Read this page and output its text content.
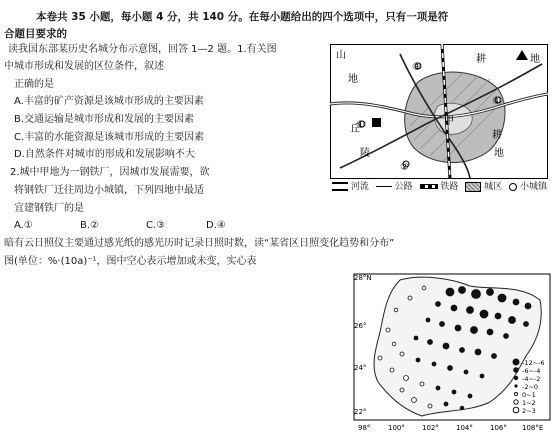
本卷共 35 小题，每小题 4 分，共 140 分。在每小题给出的四个选项中，只有一项是符
合题目要求的
读我国东部某历史名城分布示意图，回答 1—2 题。1.有关图
中城市形成和发展的区位条件，叙述
正确的是
A.丰富的矿产资源是该城市形成的主要因素
B.交通运输是城市形成和发展的主要因素
C.丰富的水能资源是该城市形成的主要因素
D.自然条件对城市的形成和发展影响不大
2.城中甲地为一钢铁厂，因城市发展需要，欲
将钢铁厂迁往周边小城镇，下列四地中最适
宜建钢铁厂的是
A.①	B.②	C.③	D.④
暗有云日照仪主要通过感光纸的感光历时记录日照时数，读“某省区日照变化趋势和分布”
图(单位：%·(10a)⁻¹，图中空心表示增加或未变，实心表
山
地
耕	地
丘
陵
甲
耕
地
①
②
③
④
河流	公路	铁路	城区 小城镇
28°N
26°
24°
22°
98°	100° 102° 104° 106° 108°E
-12~-6
-6~-4
-4~-2
-2~0
0~1
1~2
2~3
